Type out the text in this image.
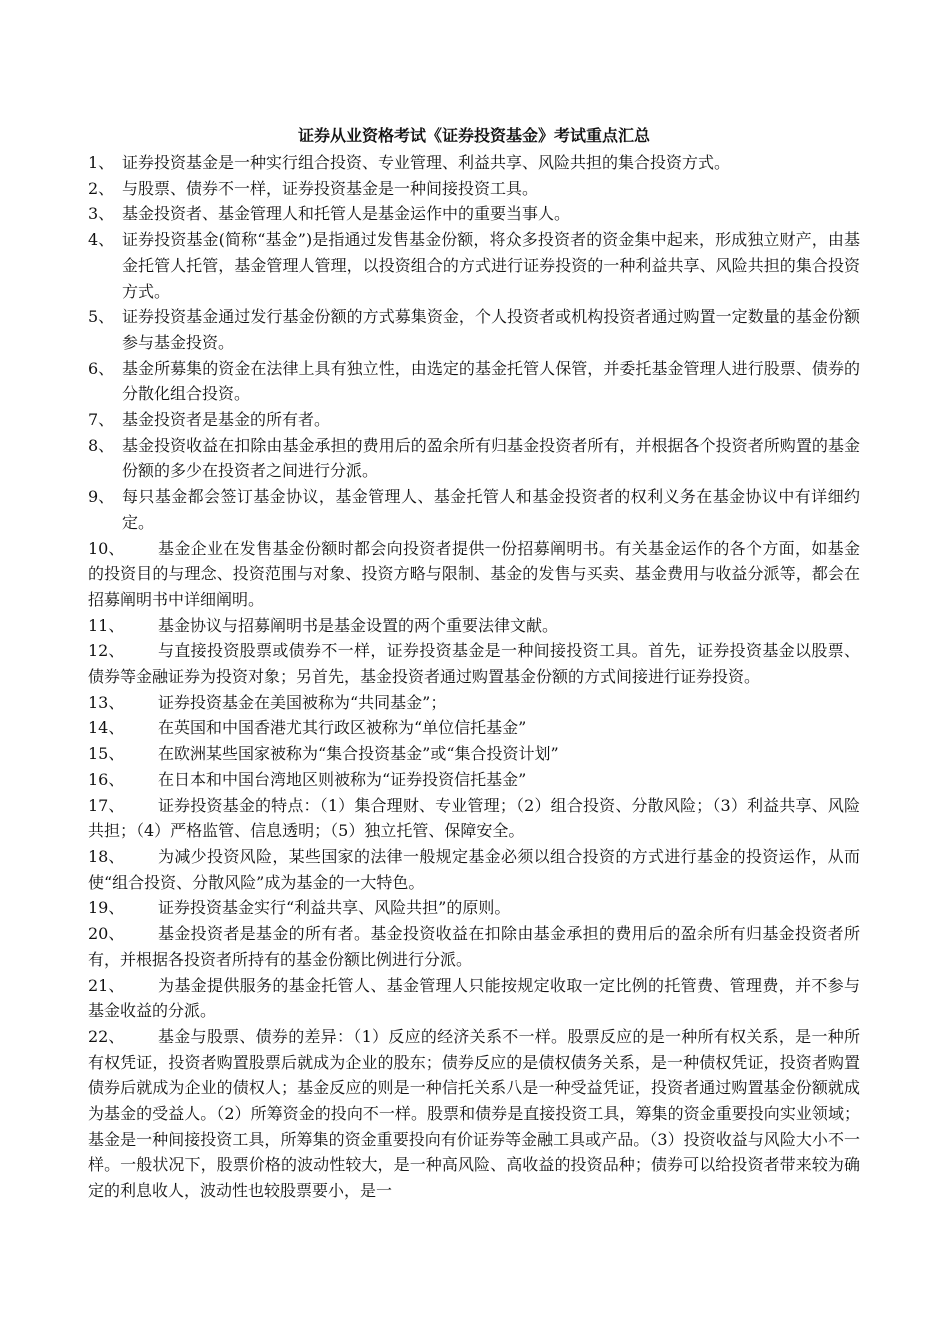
证券从业资格考试《证券投资基金》考试重点汇总
1、 证券投资基金是一种实行组合投资、专业管理、利益共享、风险共担的集合投资方式。
2、 与股票、债券不一样，证券投资基金是一种间接投资工具。
3、 基金投资者、基金管理人和托管人是基金运作中的重要当事人。
4、 证券投资基金(简称“基金”)是指通过发售基金份额，将众多投资者的资金集中起来，形成独立财产，由基金托管人托管，基金管理人管理，以投资组合的方式进行证券投资的一种利益共享、风险共担的集合投资方式。
5、 证券投资基金通过发行基金份额的方式募集资金，个人投资者或机构投资者通过购置一定数量的基金份额参与基金投资。
6、 基金所募集的资金在法律上具有独立性，由选定的基金托管人保管，并委托基金管理人进行股票、债券的分散化组合投资。
7、 基金投资者是基金的所有者。
8、 基金投资收益在扣除由基金承担的费用后的盈余所有归基金投资者所有，并根据各个投资者所购置的基金份额的多少在投资者之间进行分派。
9、 每只基金都会签订基金协议，基金管理人、基金托管人和基金投资者的权利义务在基金协议中有详细约定。
10、	基金企业在发售基金份额时都会向投资者提供一份招募阐明书。有关基金运作的各个方面，如基金的投资目的与理念、投资范围与对象、投资方略与限制、基金的发售与买卖、基金费用与收益分派等，都会在招募阐明书中详细阐明。
11、	基金协议与招募阐明书是基金设置的两个重要法律文献。
12、	与直接投资股票或债券不一样，证券投资基金是一种间接投资工具。首先，证券投资基金以股票、债券等金融证券为投资对象；另首先，基金投资者通过购置基金份额的方式间接进行证券投资。
13、	证券投资基金在美国被称为“共同基金”；
14、	在英国和中国香港尤其行政区被称为“单位信托基金”
15、	在欧洲某些国家被称为“集合投资基金”或“集合投资计划”
16、	在日本和中国台湾地区则被称为“证券投资信托基金”
17、	证券投资基金的特点：（1）集合理财、专业管理；（2）组合投资、分散风险；（3）利益共享、风险共担；（4）严格监管、信息透明；（5）独立托管、保障安全。
18、	为减少投资风险，某些国家的法律一般规定基金必须以组合投资的方式进行基金的投资运作，从而使“组合投资、分散风险”成为基金的一大特色。
19、	证券投资基金实行“利益共享、风险共担”的原则。
20、	基金投资者是基金的所有者。基金投资收益在扣除由基金承担的费用后的盈余所有归基金投资者所有，并根据各投资者所持有的基金份额比例进行分派。
21、	为基金提供服务的基金托管人、基金管理人只能按规定收取一定比例的托管费、管理费，并不参与基金收益的分派。
22、	基金与股票、债券的差异：（1）反应的经济关系不一样。股票反应的是一种所有权关系，是一种所有权凭证，投资者购置股票后就成为企业的股东；债券反应的是债权债务关系，是一种债权凭证，投资者购置债券后就成为企业的债权人；基金反应的则是一种信托关系八是一种受益凭证，投资者通过购置基金份额就成为基金的受益人。（2）所筹资金的投向不一样。股票和债券是直接投资工具，筹集的资金重要投向实业领域；基金是一种间接投资工具，所筹集的资金重要投向有价证券等金融工具或产品。（3）投资收益与风险大小不一样。一般状况下，股票价格的波动性较大，是一种高风险、高收益的投资品种；债券可以给投资者带来较为确定的利息收人，波动性也较股票要小，是一
